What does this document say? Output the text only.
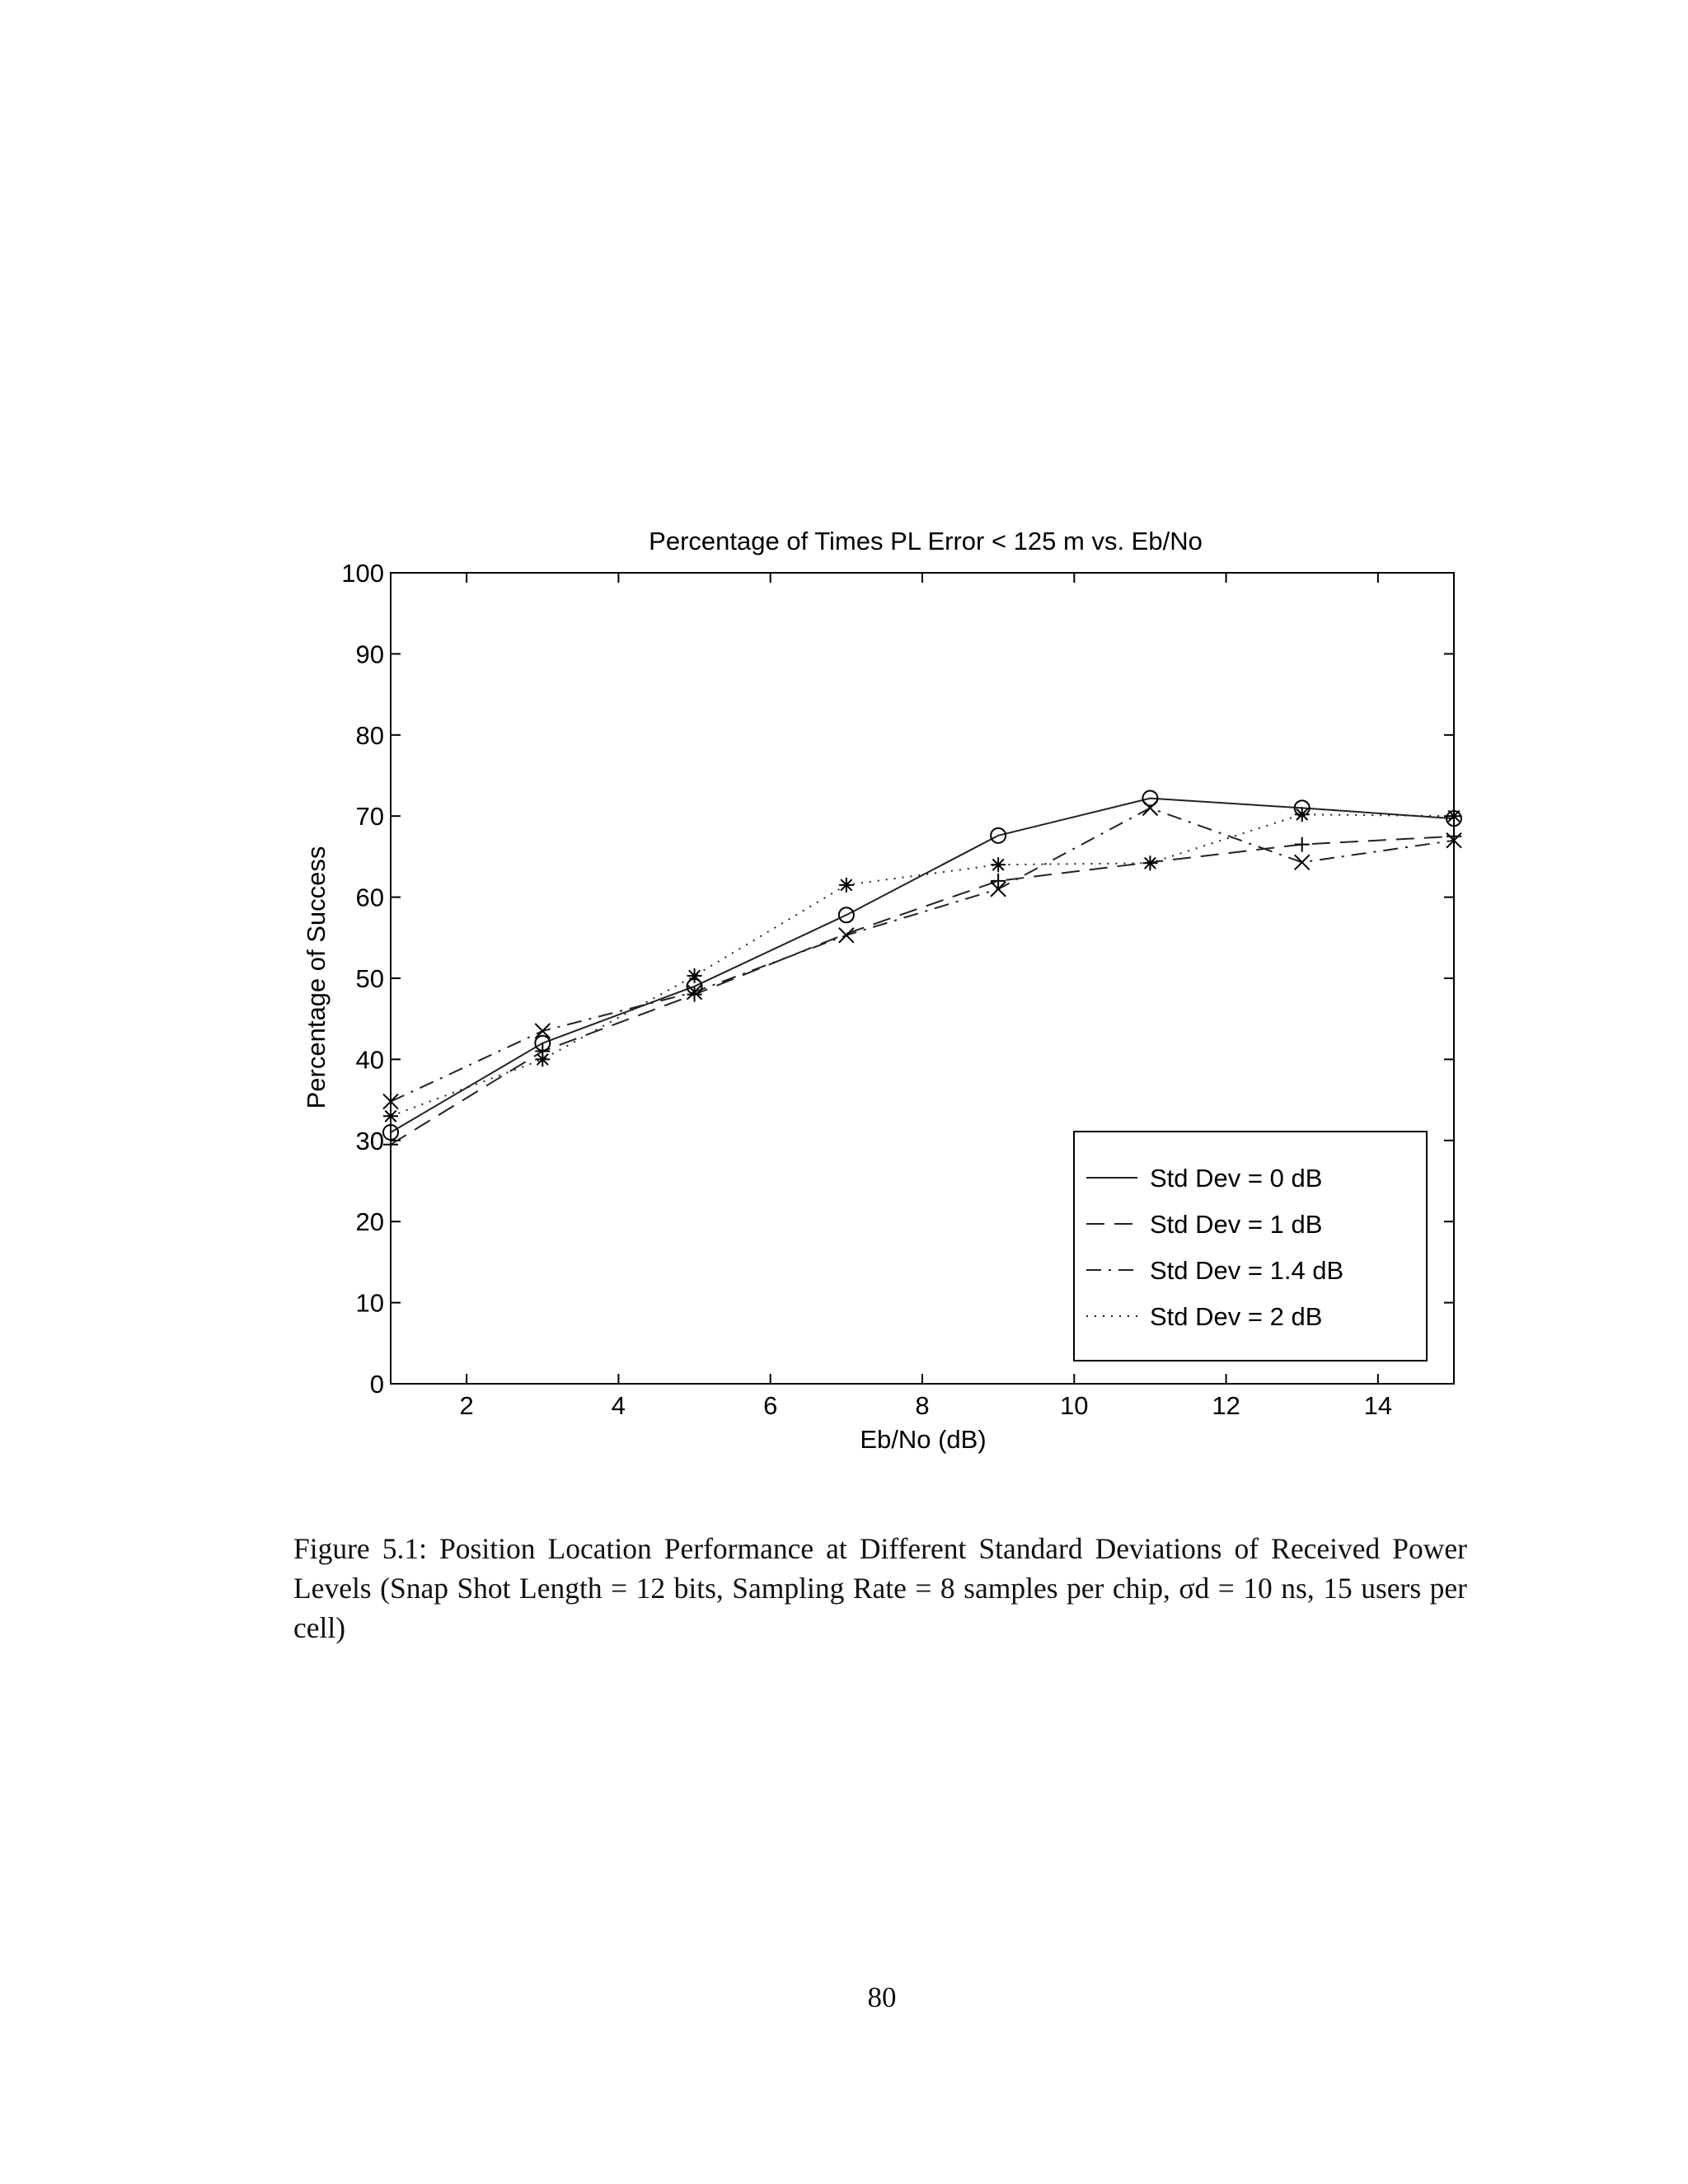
Percentage of Times PL Error < 125 m vs. Eb/No
2	4	6	8	10	12	14
0
10
20
30
40
50
60
70
80
90
100
Eb/No (dB)
Percentage of Success
Std Dev = 0 dB
Std Dev = 1 dB
Std Dev = 1.4 dB
Std Dev = 2 dB

Figure 5.1: Position Location Performance at Different Standard Deviations of Received Power Levels (Snap Shot Length = 12 bits, Sampling Rate = 8 samples per chip, σd = 10 ns, 15 users per cell)

80
